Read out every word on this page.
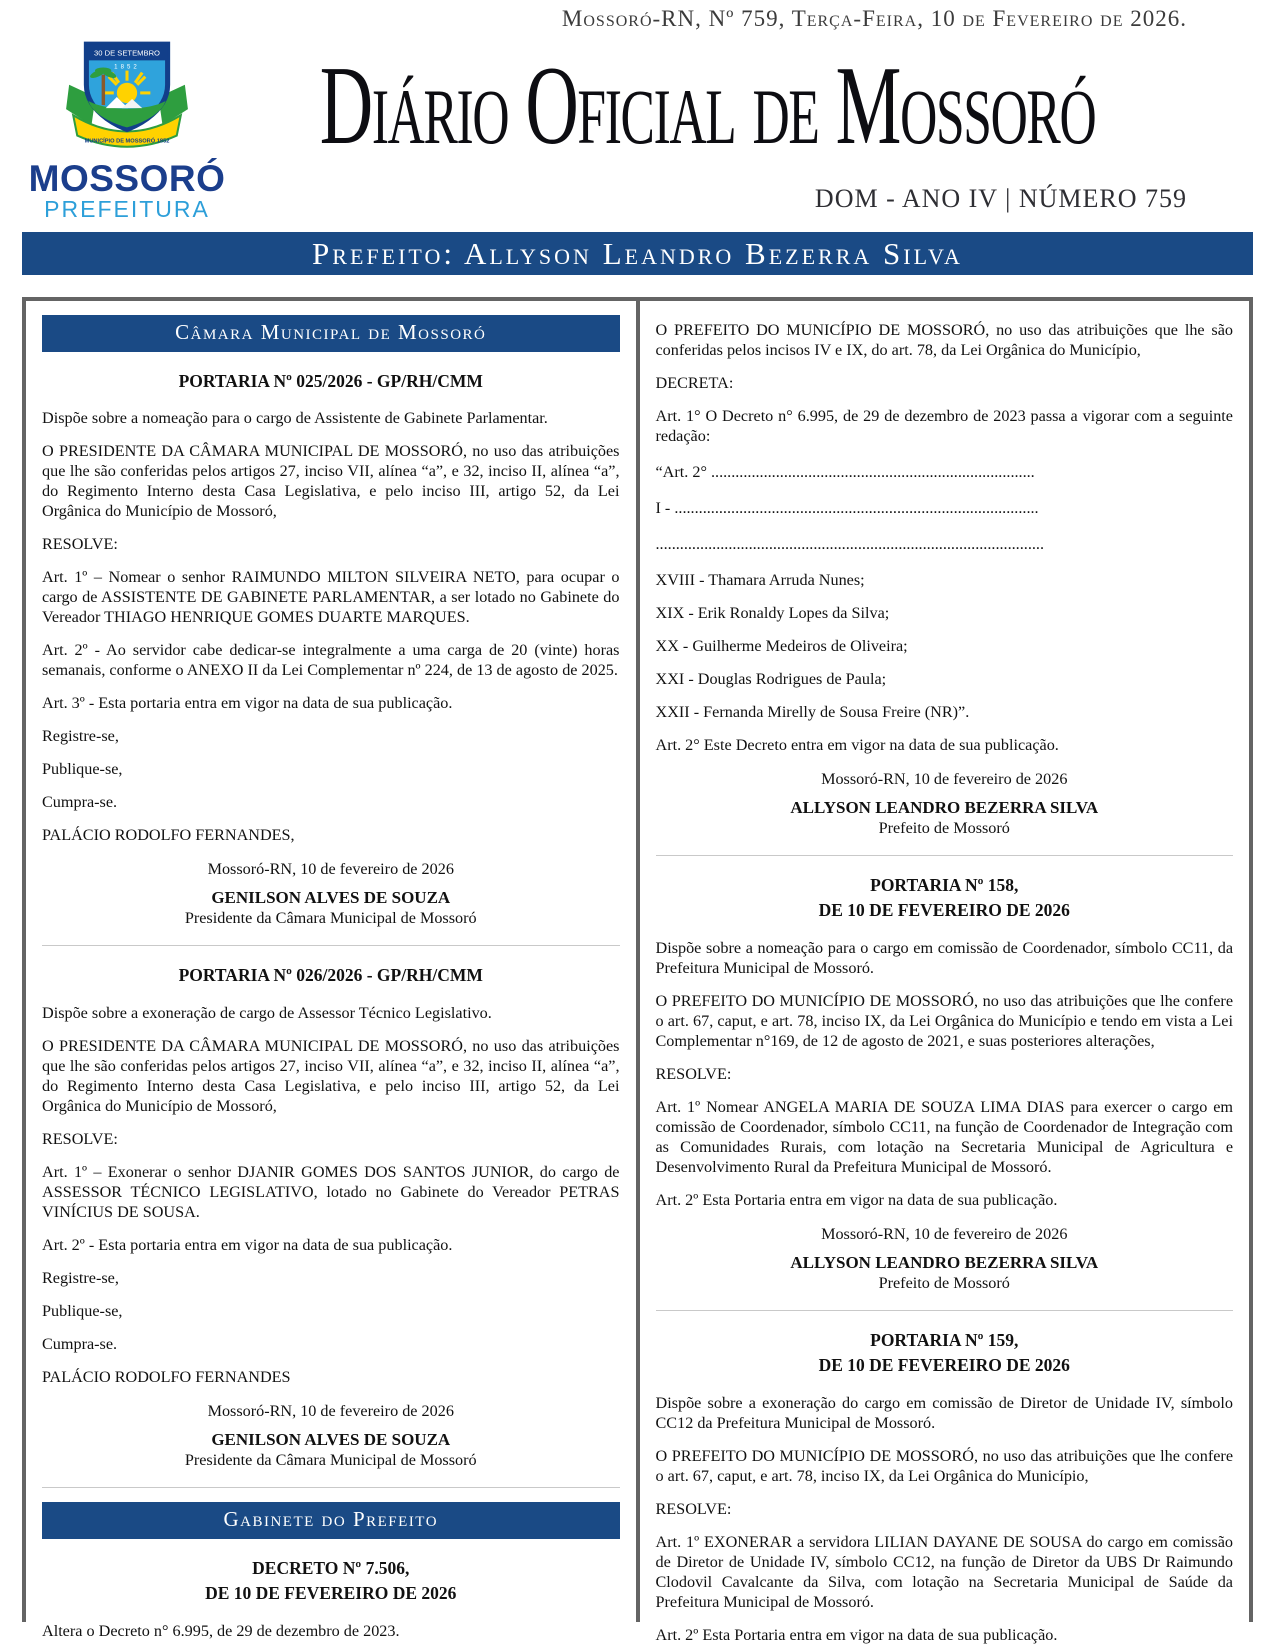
Mossoró-RN, Nº 759, Terça-Feira, 10 de Fevereiro de 2026.
30 DE SETEMBRO
1852
MUNICÍPIO DE MOSSORÓ 1852
MOSSORÓ
PREFEITURA
Diário Oficial de Mossoró
DOM - ANO IV | NÚMERO 759
Prefeito: Allyson Leandro Bezerra Silva
Câmara Municipal de Mossoró
PORTARIA Nº 025/2026 - GP/RH/CMM

Dispõe sobre a nomeação para o cargo de Assistente de Gabinete Parlamentar.

O PRESIDENTE DA CÂMARA MUNICIPAL DE MOSSORÓ, no uso das atribuições que lhe são conferidas pelos artigos 27, inciso VII, alínea “a”, e 32, inciso II, alínea “a”, do Regimento Interno desta Casa Legislativa, e pelo inciso III, artigo 52, da Lei Orgânica do Município de Mossoró,

RESOLVE:

Art. 1º – Nomear o senhor RAIMUNDO MILTON SILVEIRA NETO, para ocupar o cargo de ASSISTENTE DE GABINETE PARLAMENTAR, a ser lotado no Gabinete do Vereador THIAGO HENRIQUE GOMES DUARTE MARQUES.

Art. 2º - Ao servidor cabe dedicar-se integralmente a uma carga de 20 (vinte) horas semanais, conforme o ANEXO II da Lei Complementar nº 224, de 13 de agosto de 2025.

Art. 3º - Esta portaria entra em vigor na data de sua publicação.

Registre-se,

Publique-se,

Cumpra-se.

PALÁCIO RODOLFO FERNANDES,

Mossoró-RN, 10 de fevereiro de 2026

GENILSON ALVES DE SOUZA

Presidente da Câmara Municipal de Mossoró

PORTARIA Nº 026/2026 - GP/RH/CMM

Dispõe sobre a exoneração de cargo de Assessor Técnico Legislativo.

O PRESIDENTE DA CÂMARA MUNICIPAL DE MOSSORÓ, no uso das atribuições que lhe são conferidas pelos artigos 27, inciso VII, alínea “a”, e 32, inciso II, alínea “a”, do Regimento Interno desta Casa Legislativa, e pelo inciso III, artigo 52, da Lei Orgânica do Município de Mossoró,

RESOLVE:

Art. 1º – Exonerar o senhor DJANIR GOMES DOS SANTOS JUNIOR, do cargo de ASSESSOR TÉCNICO LEGISLATIVO, lotado no Gabinete do Vereador PETRAS VINÍCIUS DE SOUSA.

Art. 2º - Esta portaria entra em vigor na data de sua publicação.

Registre-se,

Publique-se,

Cumpra-se.

PALÁCIO RODOLFO FERNANDES

Mossoró-RN, 10 de fevereiro de 2026

GENILSON ALVES DE SOUZA

Presidente da Câmara Municipal de Mossoró

Gabinete do Prefeito
DECRETO Nº 7.506,
DE 10 DE FEVEREIRO DE 2026

Altera o Decreto n° 6.995, de 29 de dezembro de 2023.

O PREFEITO DO MUNICÍPIO DE MOSSORÓ, no uso das atribuições que lhe são conferidas pelos incisos IV e IX, do art. 78, da Lei Orgânica do Município,

DECRETA:

Art. 1° O Decreto n° 6.995, de 29 de dezembro de 2023 passa a vigorar com a seguinte redação:

“Art. 2° ................................................................................

I - ..........................................................................................

................................................................................................

XVIII - Thamara Arruda Nunes;

XIX - Erik Ronaldy Lopes da Silva;

XX - Guilherme Medeiros de Oliveira;

XXI - Douglas Rodrigues de Paula;

XXII - Fernanda Mirelly de Sousa Freire (NR)”.

Art. 2° Este Decreto entra em vigor na data de sua publicação.

Mossoró-RN, 10 de fevereiro de 2026

ALLYSON LEANDRO BEZERRA SILVA

Prefeito de Mossoró

PORTARIA Nº 158,
DE 10 DE FEVEREIRO DE 2026

Dispõe sobre a nomeação para o cargo em comissão de Coordenador, símbolo CC11, da Prefeitura Municipal de Mossoró.

O PREFEITO DO MUNICÍPIO DE MOSSORÓ, no uso das atribuições que lhe confere o art. 67, caput, e art. 78, inciso IX, da Lei Orgânica do Município e tendo em vista a Lei Complementar n°169, de 12 de agosto de 2021, e suas posteriores alterações,

RESOLVE:

Art. 1º Nomear ANGELA MARIA DE SOUZA LIMA DIAS para exercer o cargo em comissão de Coordenador, símbolo CC11, na função de Coordenador de Integração com as Comunidades Rurais, com lotação na Secretaria Municipal de Agricultura e Desenvolvimento Rural da Prefeitura Municipal de Mossoró.

Art. 2º Esta Portaria entra em vigor na data de sua publicação.

Mossoró-RN, 10 de fevereiro de 2026

ALLYSON LEANDRO BEZERRA SILVA

Prefeito de Mossoró

PORTARIA Nº 159,
DE 10 DE FEVEREIRO DE 2026

Dispõe sobre a exoneração do cargo em comissão de Diretor de Unidade IV, símbolo CC12 da Prefeitura Municipal de Mossoró.

O PREFEITO DO MUNICÍPIO DE MOSSORÓ, no uso das atribuições que lhe confere o art. 67, caput, e art. 78, inciso IX, da Lei Orgânica do Município,

RESOLVE:

Art. 1º EXONERAR a servidora LILIAN DAYANE DE SOUSA do cargo em comissão de Diretor de Unidade IV, símbolo CC12, na função de Diretor da UBS Dr Raimundo Clodovil Cavalcante da Silva, com lotação na Secretaria Municipal de Saúde da Prefeitura Municipal de Mossoró.

Art. 2º Esta Portaria entra em vigor na data de sua publicação.
